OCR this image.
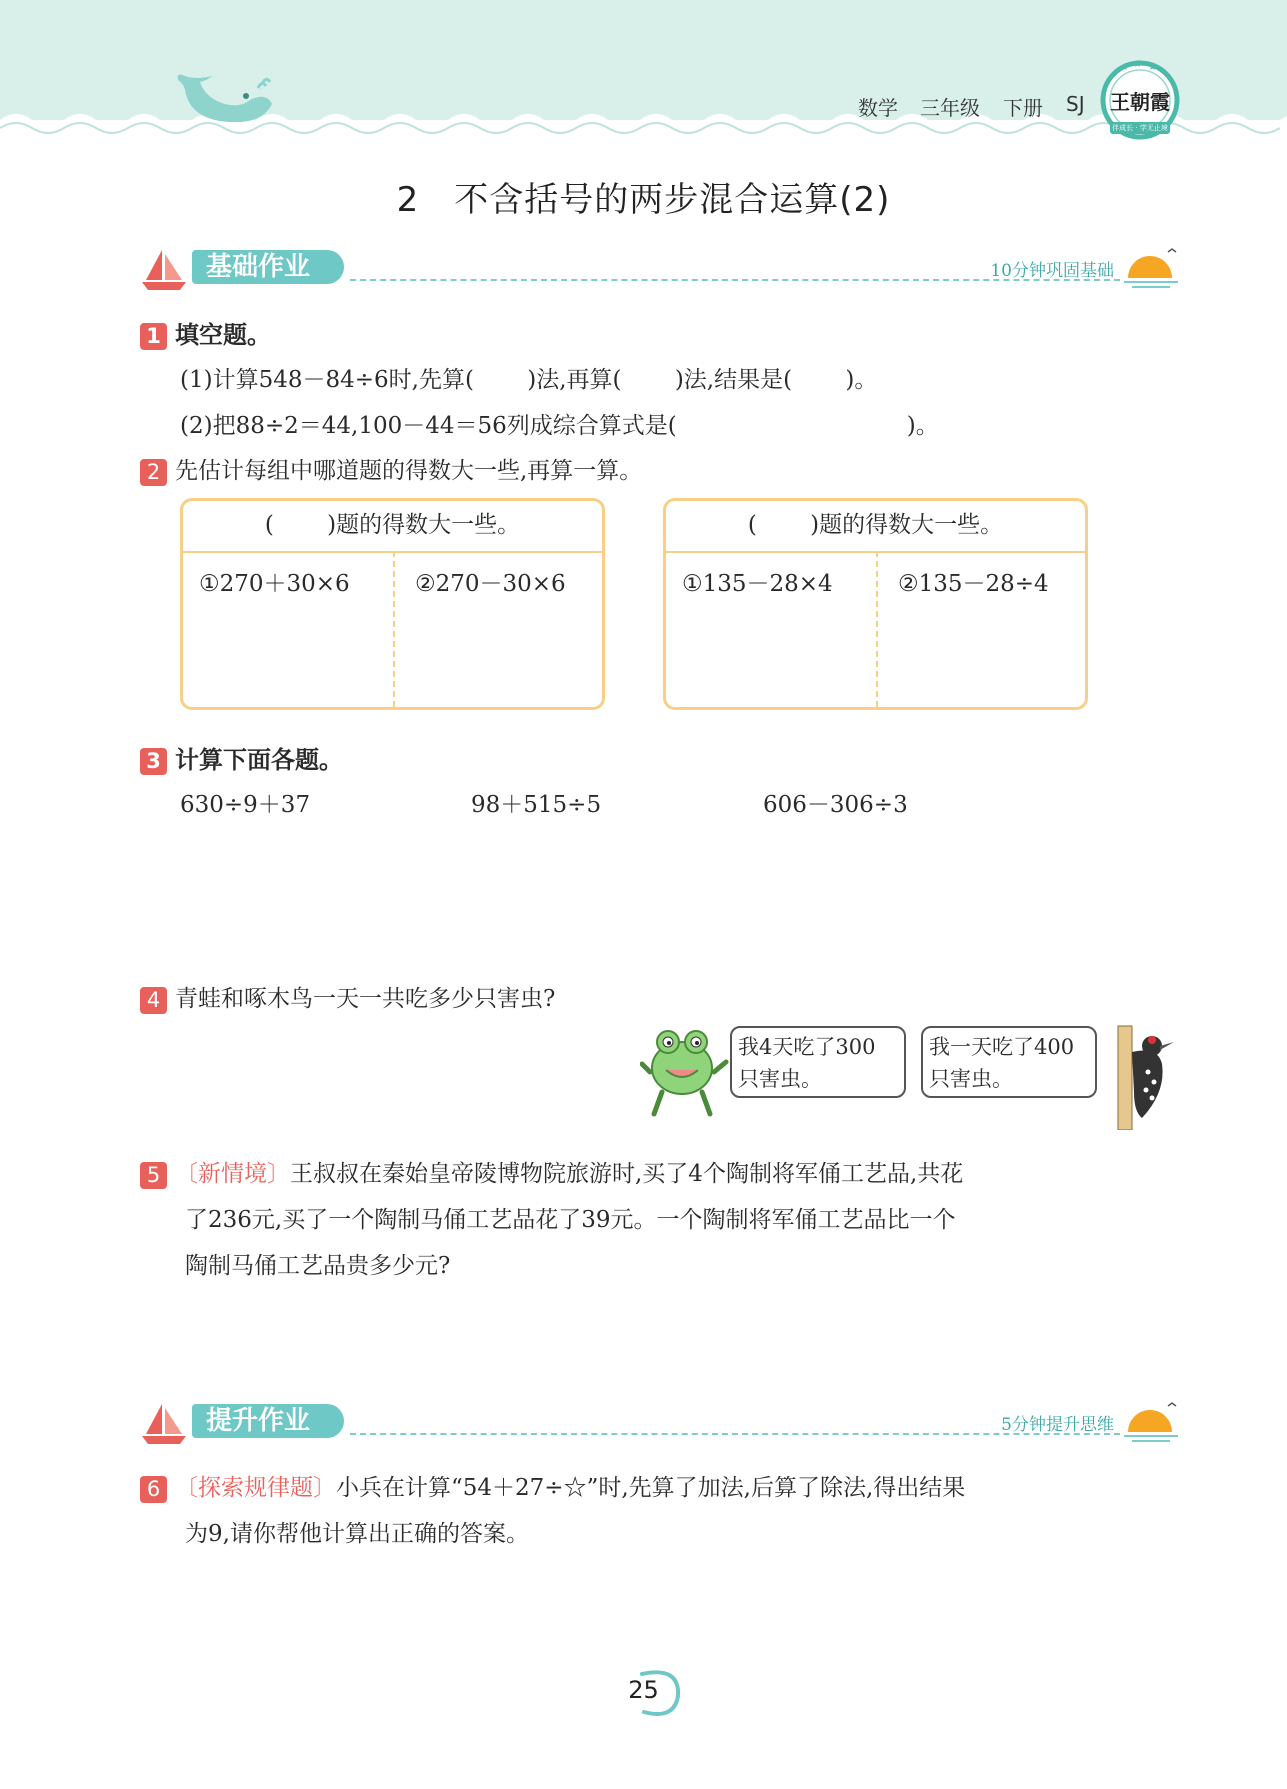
数学 三年级 下册 SJ
★ ★ ★
王朝霞
伴成长 · 学无止境
2　不含括号的两步混合运算(2)
基础作业	10分钟巩固基础
1 填空题。
(1)计算548－84÷6时,先算(　　 )法,再算(　　 )法,结果是(　　 )。
(2)把88÷2＝44,100－44＝56列成综合算式是(　　　　　　　　　　)。
2 先估计每组中哪道题的得数大一些,再算一算。
(　　 )题的得数大一些。
①270＋30×6	②270－30×6
(　　 )题的得数大一些。
①135－28×4	②135－28÷4
3 计算下面各题。
630÷9＋37	98＋515÷5	606－306÷3
4 青蛙和啄木鸟一天一共吃多少只害虫?
我4天吃了300
只害虫。
我一天吃了400
只害虫。
5 〔新情境〕王叔叔在秦始皇帝陵博物院旅游时,买了4个陶制将军俑工艺品,共花
了236元,买了一个陶制马俑工艺品花了39元。一个陶制将军俑工艺品比一个
陶制马俑工艺品贵多少元?
提升作业	5分钟提升思维
6 〔探索规律题〕小兵在计算“54＋27÷☆”时,先算了加法,后算了除法,得出结果
为9,请你帮他计算出正确的答案。
25
